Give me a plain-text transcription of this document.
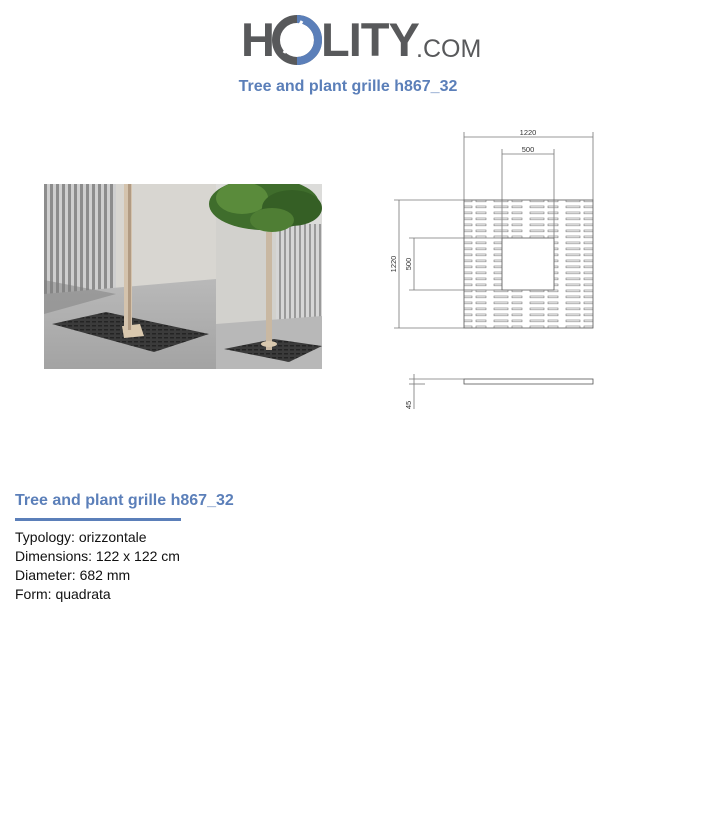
H LITY
.COM
Tree and plant grille h867_32
1220
500
1220 500
45
Tree and plant grille h867_32
Typology: orizzontale
Dimensions: 122 x 122 cm
Diameter: 682 mm
Form: quadrata
